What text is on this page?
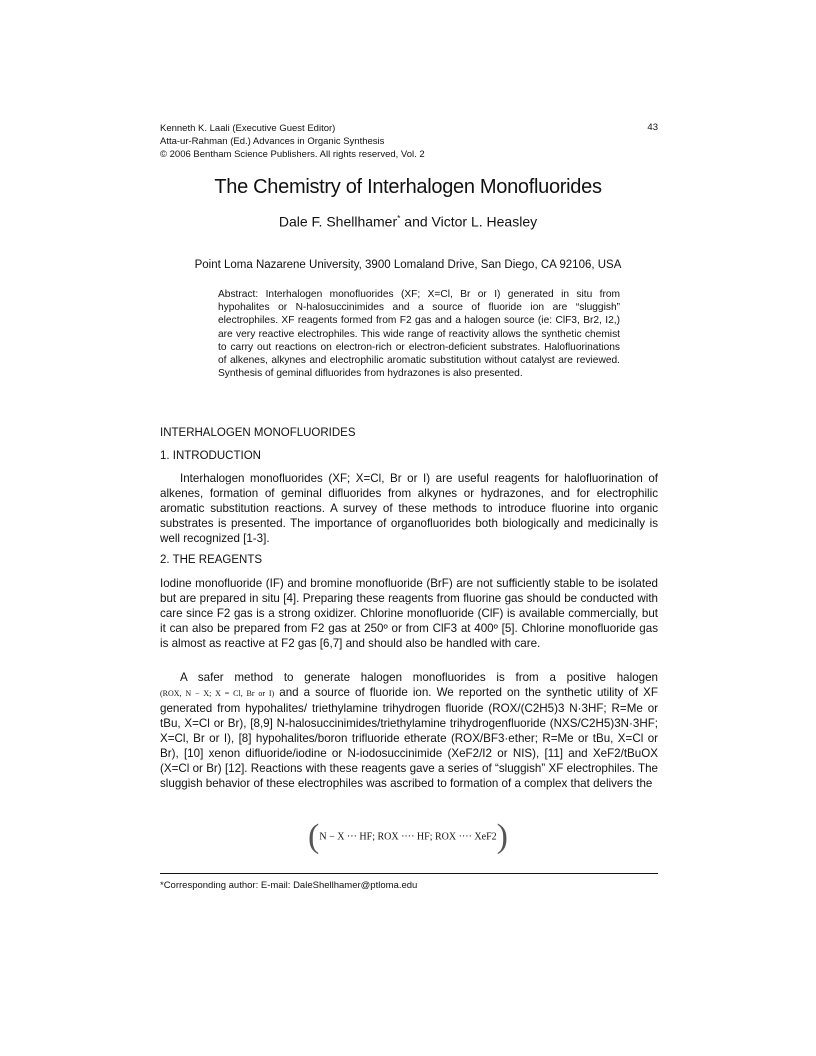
Kenneth K. Laali (Executive Guest Editor)
Atta-ur-Rahman (Ed.) Advances in Organic Synthesis
© 2006 Bentham Science Publishers. All rights reserved, Vol. 2
43
The Chemistry of Interhalogen Monofluorides
Dale F. Shellhamer* and Victor L. Heasley
Point Loma Nazarene University, 3900 Lomaland Drive, San Diego, CA 92106, USA
Abstract: Interhalogen monofluorides (XF; X=Cl, Br or I) generated in situ from hypohalites or N-halosuccinimides and a source of fluoride ion are “sluggish” electrophiles. XF reagents formed from F2 gas and a halogen source (ie: ClF3, Br2, I2,) are very reactive electrophiles. This wide range of reactivity allows the synthetic chemist to carry out reactions on electron-rich or electron-deficient substrates. Halofluorinations of alkenes, alkynes and electrophilic aromatic substitution without catalyst are reviewed. Synthesis of geminal difluorides from hydrazones is also presented.
INTERHALOGEN MONOFLUORIDES
1. INTRODUCTION
Interhalogen monofluorides (XF; X=Cl, Br or I) are useful reagents for halofluorination of alkenes, formation of geminal difluorides from alkynes or hydrazones, and for electrophilic aromatic substitution reactions. A survey of these methods to introduce fluorine into organic substrates is presented. The importance of organofluorides both biologically and medicinally is well recognized [1-3].
2. THE REAGENTS
Iodine monofluoride (IF) and bromine monofluoride (BrF) are not sufficiently stable to be isolated but are prepared in situ [4]. Preparing these reagents from fluorine gas should be conducted with care since F2 gas is a strong oxidizer. Chlorine monofluoride (ClF) is available commercially, but it can also be prepared from F2 gas at 250º or from ClF3 at 400º [5]. Chlorine monofluoride gas is almost as reactive at F2 gas [6,7] and should also be handled with care.
A safer method to generate halogen monofluorides is from a positive halogen
(ROX, N − X; X = Cl, Br or I) and a source of fluoride ion. We reported on the synthetic utility of XF generated from hypohalites/ triethylamine trihydrogen fluoride (ROX/(C2H5)3 N·3HF; R=Me or tBu, X=Cl or Br), [8,9] N-halosuccinimides/triethylamine trihydrogenfluoride (NXS/C2H5)3N·3HF; X=Cl, Br or I), [8] hypohalites/boron trifluoride etherate (ROX/BF3·ether; R=Me or tBu, X=Cl or Br), [10] xenon difluoride/iodine or N-iodosuccinimide (XeF2/I2 or NIS), [11] and XeF2/tBuOX (X=Cl or Br) [12]. Reactions with these reagents gave a series of “sluggish” XF electrophiles. The sluggish behavior of these electrophiles was ascribed to formation of a complex that delivers the
(N − X ··· HF; ROX ···· HF; ROX ···· XeF2)
*Corresponding author: E-mail: DaleShellhamer@ptloma.edu
